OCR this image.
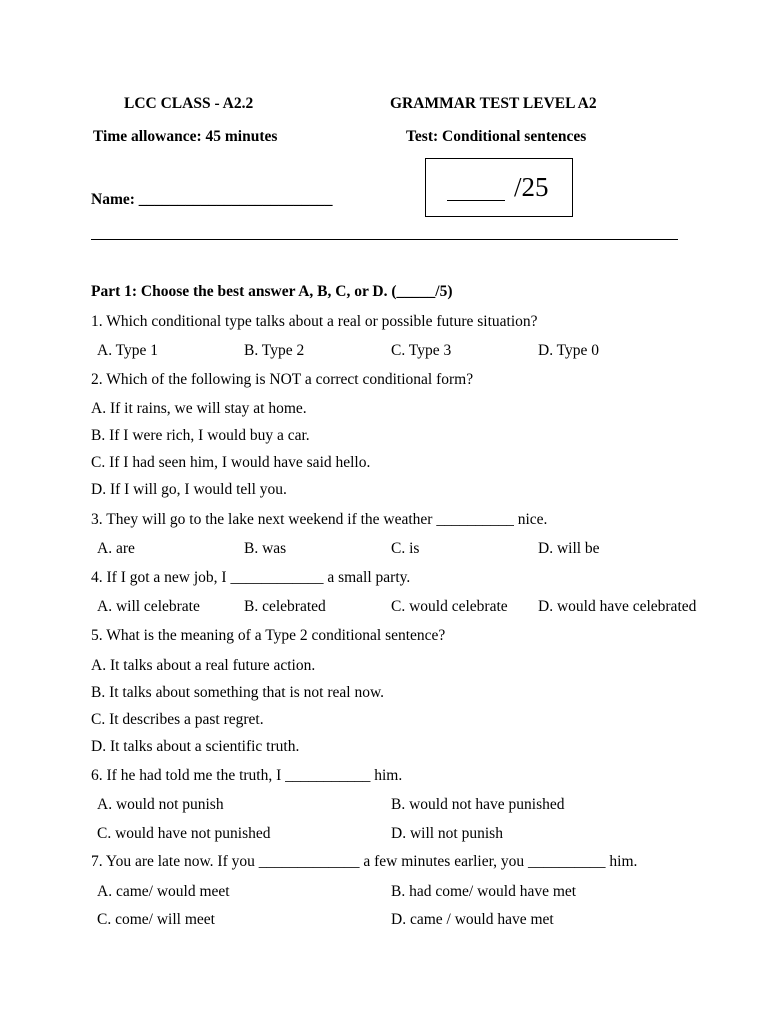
LCC CLASS - A2.2	GRAMMAR TEST LEVEL A2
Time allowance: 45 minutes	Test: Conditional sentences
Name: _________________________	/25
Part 1: Choose the best answer A, B, C, or D. (_____/5)
1. Which conditional type talks about a real or possible future situation?
A. Type 1	B. Type 2	C. Type 3	D. Type 0
2. Which of the following is NOT a correct conditional form?
A. If it rains, we will stay at home.
B. If I were rich, I would buy a car.
C. If I had seen him, I would have said hello.
D. If I will go, I would tell you.
3. They will go to the lake next weekend if the weather __________ nice.
A. are	B. was	C. is	D. will be
4. If I got a new job, I ____________ a small party.
A. will celebrate	B. celebrated	C. would celebrate D. would have celebrated
5. What is the meaning of a Type 2 conditional sentence?
A. It talks about a real future action.
B. It talks about something that is not real now.
C. It describes a past regret.
D. It talks about a scientific truth.
6. If he had told me the truth, I ___________ him.
A. would not punish	B. would not have punished
C. would have not punished	D. will not punish
7. You are late now. If you _____________ a few minutes earlier, you __________ him.
A. came/ would meet	B. had come/ would have met
C. come/ will meet	D. came / would have met
